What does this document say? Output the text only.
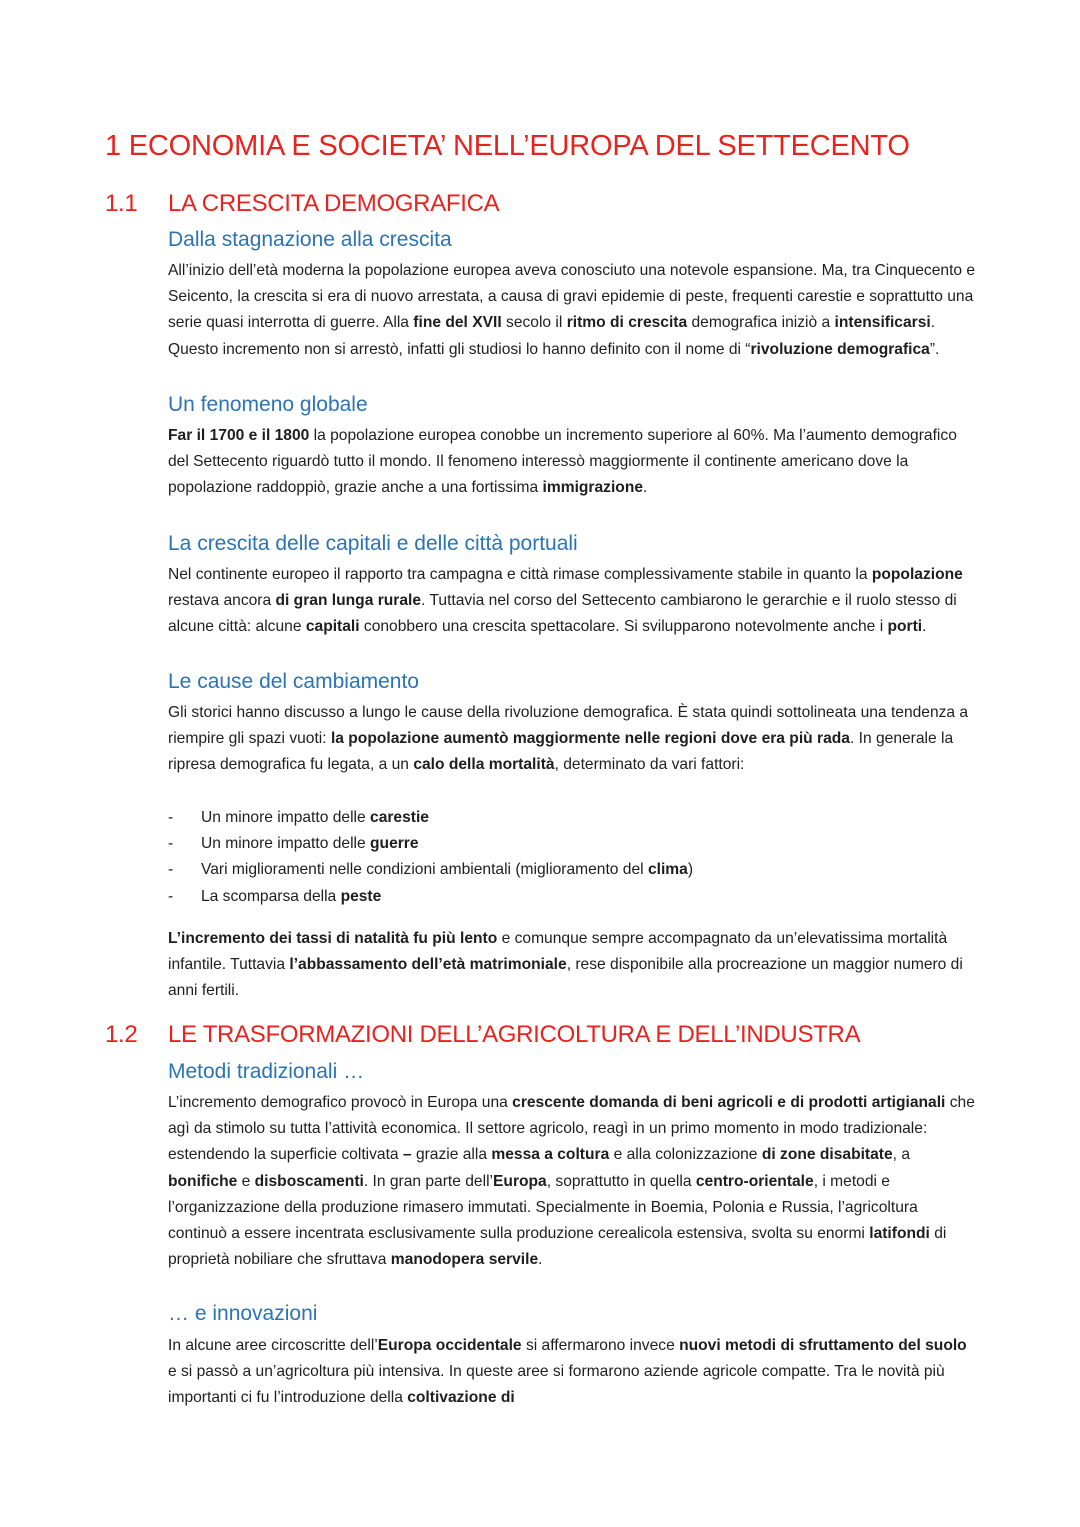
1 ECONOMIA E SOCIETA’ NELL’EUROPA DEL SETTECENTO
1.1 LA CRESCITA DEMOGRAFICA
Dalla stagnazione alla crescita

All’inizio dell’età moderna la popolazione europea aveva conosciuto una notevole espansione. Ma, tra Cinquecento e Seicento, la crescita si era di nuovo arrestata, a causa di gravi epidemie di peste, frequenti carestie e soprattutto una serie quasi interrotta di guerre. Alla fine del XVII secolo il ritmo di crescita demografica iniziò a intensificarsi. Questo incremento non si arrestò, infatti gli studiosi lo hanno definito con il nome di “rivoluzione demografica”.

Un fenomeno globale

Far il 1700 e il 1800 la popolazione europea conobbe un incremento superiore al 60%. Ma l’aumento demografico del Settecento riguardò tutto il mondo. Il fenomeno interessò maggiormente il continente americano dove la popolazione raddoppiò, grazie anche a una fortissima immigrazione.

La crescita delle capitali e delle città portuali

Nel continente europeo il rapporto tra campagna e città rimase complessivamente stabile in quanto la popolazione restava ancora di gran lunga rurale. Tuttavia nel corso del Settecento cambiarono le gerarchie e il ruolo stesso di alcune città: alcune capitali conobbero una crescita spettacolare. Si svilupparono notevolmente anche i porti.

Le cause del cambiamento

Gli storici hanno discusso a lungo le cause della rivoluzione demografica. È stata quindi sottolineata una tendenza a riempire gli spazi vuoti: la popolazione aumentò maggiormente nelle regioni dove era più rada. In generale la ripresa demografica fu legata, a un calo della mortalità, determinato da vari fattori:

- Un minore impatto delle carestie
- Un minore impatto delle guerre
- Vari miglioramenti nelle condizioni ambientali (miglioramento del clima)
- La scomparsa della peste

L’incremento dei tassi di natalità fu più lento e comunque sempre accompagnato da un’elevatissima mortalità infantile. Tuttavia l’abbassamento dell’età matrimoniale, rese disponibile alla procreazione un maggior numero di anni fertili.

1.2 LE TRASFORMAZIONI DELL’AGRICOLTURA E DELL’INDUSTRA
Metodi tradizionali …

L’incremento demografico provocò in Europa una crescente domanda di beni agricoli e di prodotti artigianali che agì da stimolo su tutta l’attività economica. Il settore agricolo, reagì in un primo momento in modo tradizionale: estendendo la superficie coltivata – grazie alla messa a coltura e alla colonizzazione di zone disabitate, a bonifiche e disboscamenti. In gran parte dell’Europa, soprattutto in quella centro-orientale, i metodi e l’organizzazione della produzione rimasero immutati. Specialmente in Boemia, Polonia e Russia, l’agricoltura continuò a essere incentrata esclusivamente sulla produzione cerealicola estensiva, svolta su enormi latifondi di proprietà nobiliare che sfruttava manodopera servile.

… e innovazioni

In alcune aree circoscritte dell’Europa occidentale si affermarono invece nuovi metodi di sfruttamento del suolo e si passò a un’agricoltura più intensiva. In queste aree si formarono aziende agricole compatte. Tra le novità più importanti ci fu l’introduzione della coltivazione di
